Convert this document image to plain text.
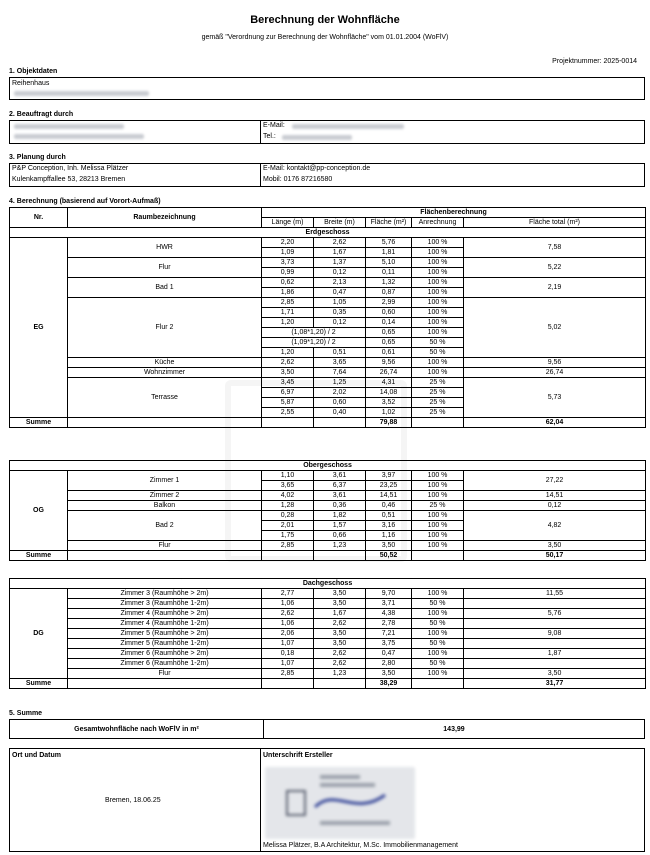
Berechnung der Wohnfläche
gemäß "Verordnung zur Berechnung der Wohnfläche" vom 01.01.2004 (WoFlV)
Projektnummer: 2025-0014
1. Objektdaten
Reihenhaus
2. Beauftragt durch
E-Mail:
Tel.:
3. Planung durch
P&P Conception, Inh. Melissa Plätzer
Kulenkampffallee 53, 28213 Bremen
E-Mail: kontakt@pp-conception.de
Mobil: 0176 87216580
4. Berechnung (basierend auf Vorort-Aufmaß)
Nr.	Raumbezeichnung	Flächenberechnung				
		Länge (m)	Breite (m)	Fläche (m²)	Anrechnung	Fläche total (m²)
Erdgeschoss						
EG	HWR	2,20	2,62	5,76	100 %	7,58
		1,09	1,67	1,81	100 %	
	Flur	3,73	1,37	5,10	100 %	5,22
		0,99	0,12	0,11	100 %	
	Bad 1	0,62	2,13	1,32	100 %	2,19
		1,86	0,47	0,87	100 %	
	Flur 2	2,85	1,05	2,99	100 %	5,02
		1,71	0,35	0,60	100 %	
		1,20	0,12	0,14	100 %	
		(1,08*1,20) / 2		0,65	100 %	
		(1,09*1,20) / 2		0,65	50 %	
		1,20	0,51	0,61	50 %	
	Küche	2,62	3,65	9,56	100 %	9,56
	Wohnzimmer	3,50	7,64	26,74	100 %	26,74
	Terrasse	3,45	1,25	4,31	25 %	5,73
		6,97	2,02	14,08	25 %	
		5,87	0,60	3,52	25 %	
		2,55	0,40	1,02	25 %	
Summe				79,88		62,04
Obergeschoss						
OG	Zimmer 1	1,10	3,61	3,97	100 %	27,22
		3,65	6,37	23,25	100 %	
	Zimmer 2	4,02	3,61	14,51	100 %	14,51
	Balkon	1,28	0,36	0,46	25 %	0,12
	Bad 2	0,28	1,82	0,51	100 %	4,82
		2,01	1,57	3,16	100 %	
		1,75	0,66	1,16	100 %	
	Flur	2,85	1,23	3,50	100 %	3,50
Summe				50,52		50,17
Dachgeschoss						
DG	Zimmer 3 (Raumhöhe > 2m)	2,77	3,50	9,70	100 %	11,55
	Zimmer 3 (Raumhöhe 1-2m)	1,06	3,50	3,71	50 %	
	Zimmer 4 (Raumhöhe > 2m)	2,62	1,67	4,38	100 %	5,76
	Zimmer 4 (Raumhöhe 1-2m)	1,06	2,62	2,78	50 %	
	Zimmer 5 (Raumhöhe > 2m)	2,06	3,50	7,21	100 %	9,08
	Zimmer 5 (Raumhöhe 1-2m)	1,07	3,50	3,75	50 %	
	Zimmer 6 (Raumhöhe > 2m)	0,18	2,62	0,47	100 %	1,87
	Zimmer 6 (Raumhöhe 1-2m)	1,07	2,62	2,80	50 %	
	Flur	2,85	1,23	3,50	100 %	3,50
Summe				38,29		31,77
5. Summe
Gesamtwohnfläche nach WoFlV in m²	143,99
Ort und Datum
Bremen, 18.06.25
Unterschrift Ersteller
Melissa Plätzer, B.A Architektur, M.Sc. Immobilienmanagement
